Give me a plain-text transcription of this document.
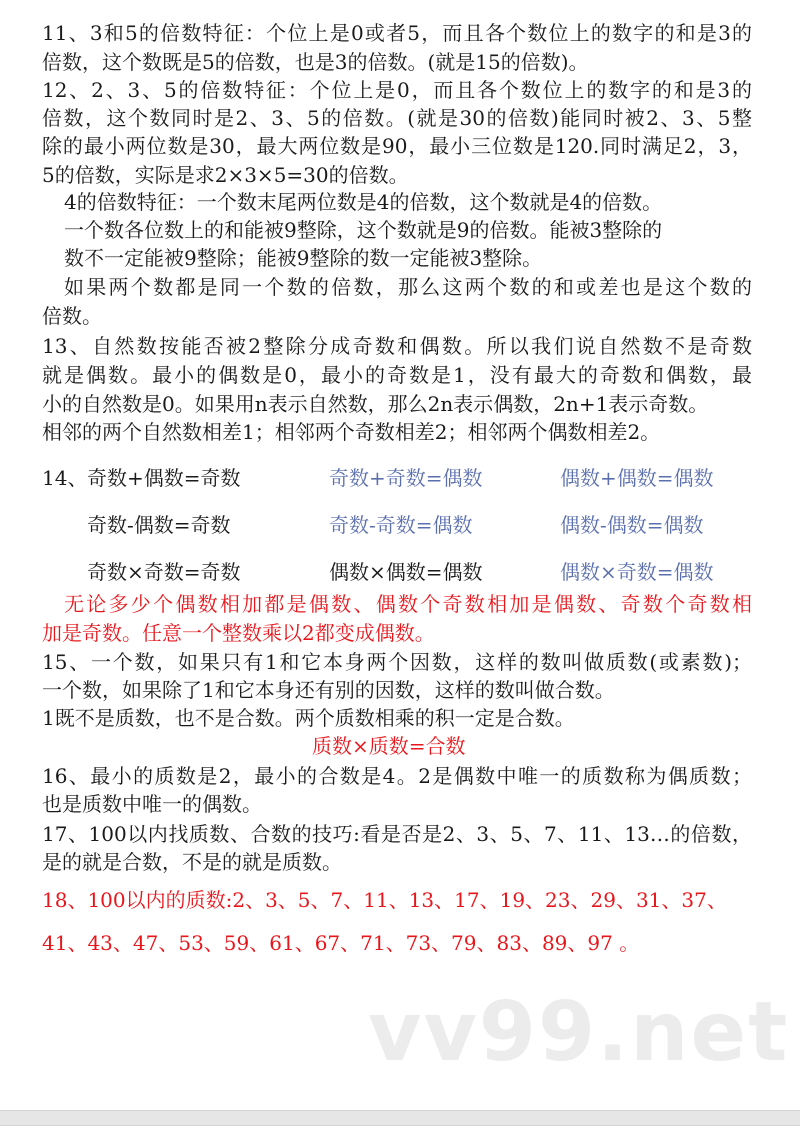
11、3和5的倍数特征：个位上是0或者5，而且各个数位上的数字的和是3的
倍数，这个数既是5的倍数，也是3的倍数。(就是15的倍数)。
12、2、3、5的倍数特征：个位上是0，而且各个数位上的数字的和是3的
倍数，这个数同时是2、3、5的倍数。(就是30的倍数)能同时被2、3、5整
除的最小两位数是30，最大两位数是90，最小三位数是120.同时满足2，3，
5的倍数，实际是求2×3×5=30的倍数。
4的倍数特征：一个数末尾两位数是4的倍数，这个数就是4的倍数。
一个数各位数上的和能被9整除，这个数就是9的倍数。能被3整除的
数不一定能被9整除；能被9整除的数一定能被3整除。
如果两个数都是同一个数的倍数，那么这两个数的和或差也是这个数的
倍数。
13、自然数按能否被2整除分成奇数和偶数。所以我们说自然数不是奇数
就是偶数。最小的偶数是0，最小的奇数是1，没有最大的奇数和偶数，最
小的自然数是0。如果用n表示自然数，那么2n表示偶数，2n+1表示奇数。
相邻的两个自然数相差1；相邻两个奇数相差2；相邻两个偶数相差2。
14、 奇数+偶数=奇数	奇数+奇数=偶数	偶数+偶数=偶数
奇数-偶数=奇数	奇数-奇数=偶数	偶数-偶数=偶数
奇数×奇数=奇数	偶数×偶数=偶数	偶数×奇数=偶数
无论多少个偶数相加都是偶数、偶数个奇数相加是偶数、奇数个奇数相
加是奇数。任意一个整数乘以2都变成偶数。
15、一个数，如果只有1和它本身两个因数，这样的数叫做质数(或素数)；
一个数，如果除了1和它本身还有别的因数，这样的数叫做合数。
1既不是质数，也不是合数。两个质数相乘的积一定是合数。
质数×质数=合数
16、最小的质数是2，最小的合数是4。2是偶数中唯一的质数称为偶质数；
也是质数中唯一的偶数。
17、100以内找质数、合数的技巧:看是否是2、3、5、7、11、13…的倍数，
是的就是合数，不是的就是质数。
18、100以内的质数:2、3、5、7、11、13、17、19、23、29、31、37、
41、43、47、53、59、61、67、71、73、79、83、89、97 。
vv99.net
